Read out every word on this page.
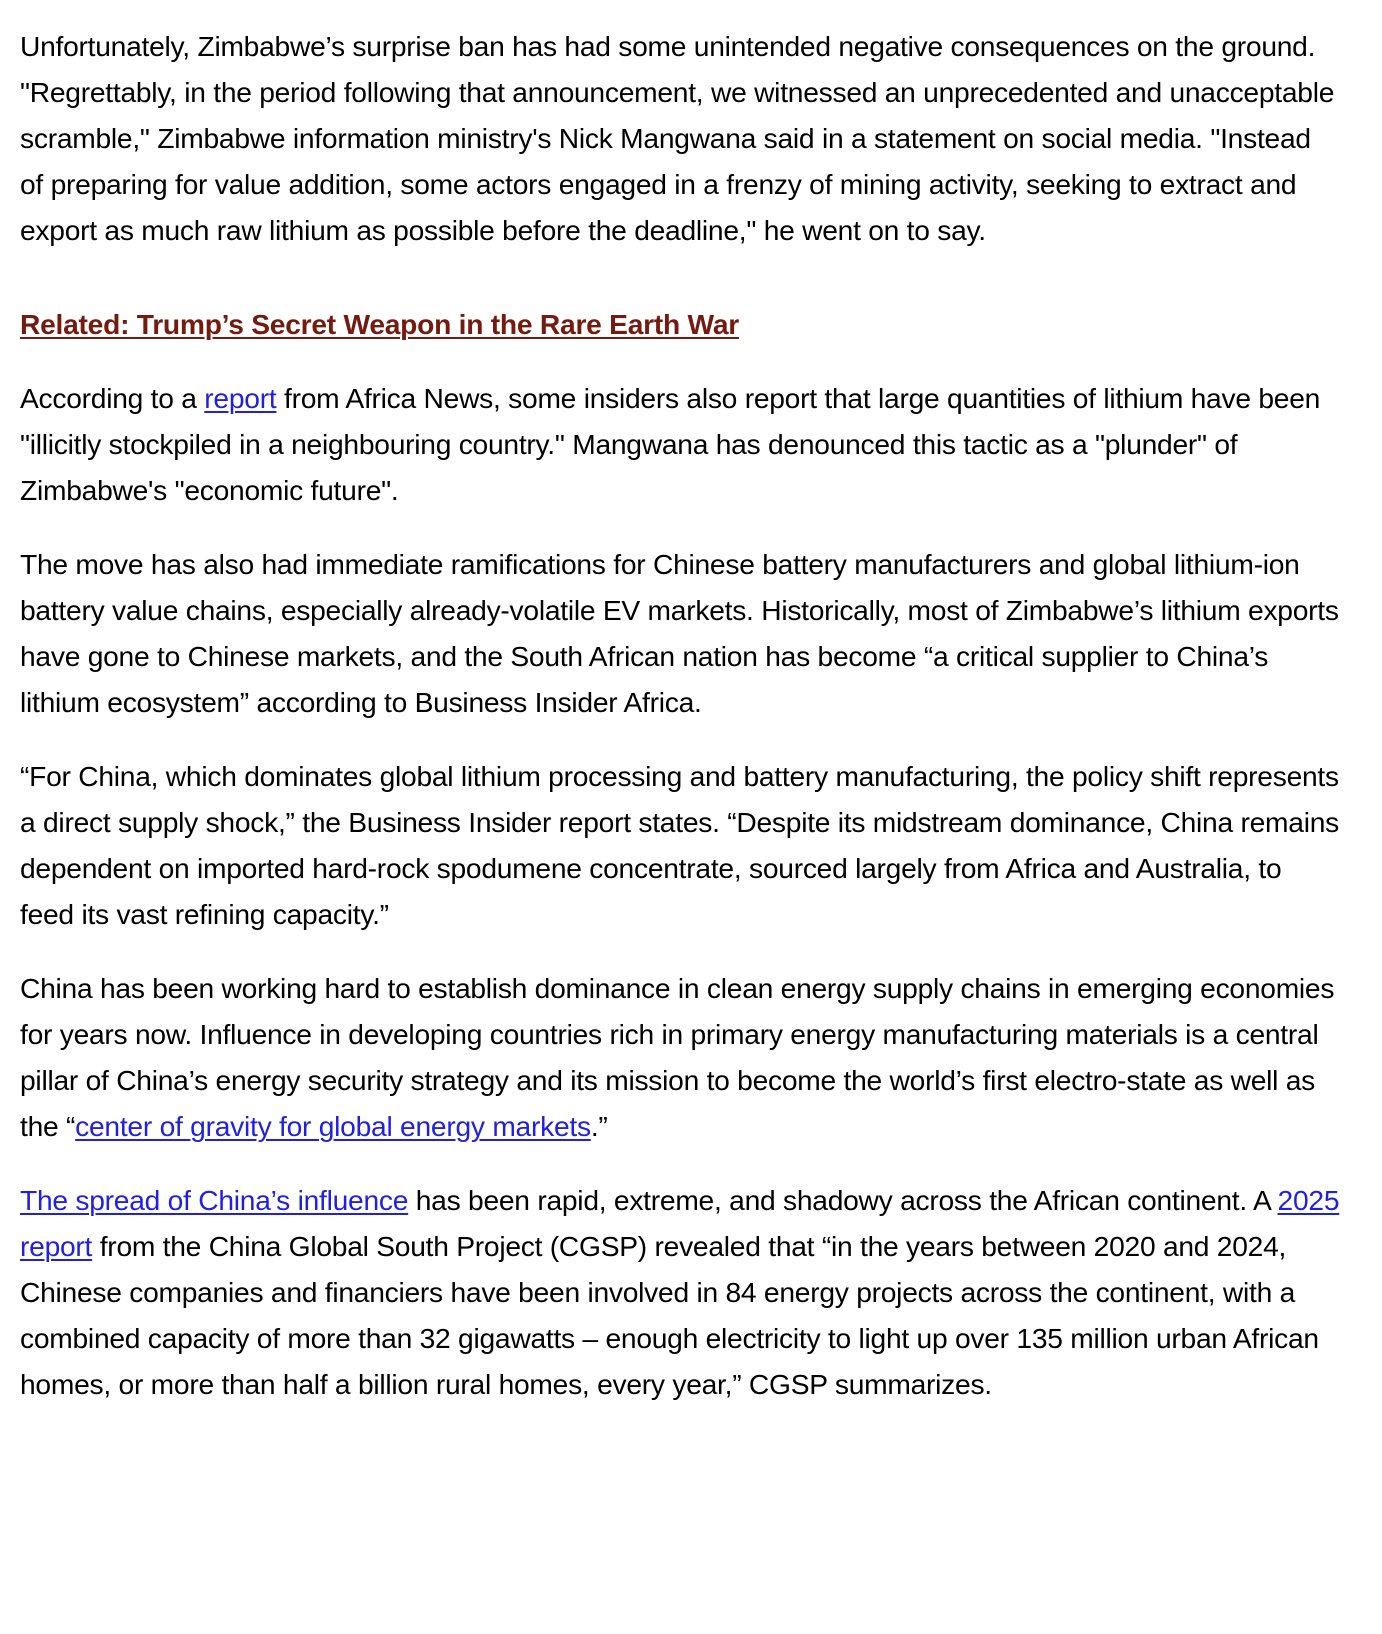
Unfortunately, Zimbabwe’s surprise ban has had some unintended negative consequences on the ground. "Regrettably, in the period following that announcement, we witnessed an unprecedented and unacceptable scramble," Zimbabwe information ministry's Nick Mangwana said in a statement on social media. "Instead of preparing for value addition, some actors engaged in a frenzy of mining activity, seeking to extract and export as much raw lithium as possible before the deadline," he went on to say.

Related: Trump’s Secret Weapon in the Rare Earth War

According to a report from Africa News, some insiders also report that large quantities of lithium have been "illicitly stockpiled in a neighbouring country." Mangwana has denounced this tactic as a "plunder" of Zimbabwe's "economic future".

The move has also had immediate ramifications for Chinese battery manufacturers and global lithium-ion battery value chains, especially already-volatile EV markets. Historically, most of Zimbabwe’s lithium exports have gone to Chinese markets, and the South African nation has become “a critical supplier to China’s lithium ecosystem” according to Business Insider Africa.

“For China, which dominates global lithium processing and battery manufacturing, the policy shift represents a direct supply shock,” the Business Insider report states. “Despite its midstream dominance, China remains dependent on imported hard-rock spodumene concentrate, sourced largely from Africa and Australia, to feed its vast refining capacity.”

China has been working hard to establish dominance in clean energy supply chains in emerging economies for years now. Influence in developing countries rich in primary energy manufacturing materials is a central pillar of China’s energy security strategy and its mission to become the world’s first electro-state as well as the “center of gravity for global energy markets.”

The spread of China’s influence has been rapid, extreme, and shadowy across the African continent. A 2025 report from the China Global South Project (CGSP) revealed that “in the years between 2020 and 2024, Chinese companies and financiers have been involved in 84 energy projects across the continent, with a combined capacity of more than 32 gigawatts – enough electricity to light up over 135 million urban African homes, or more than half a billion rural homes, every year,” CGSP summarizes.
